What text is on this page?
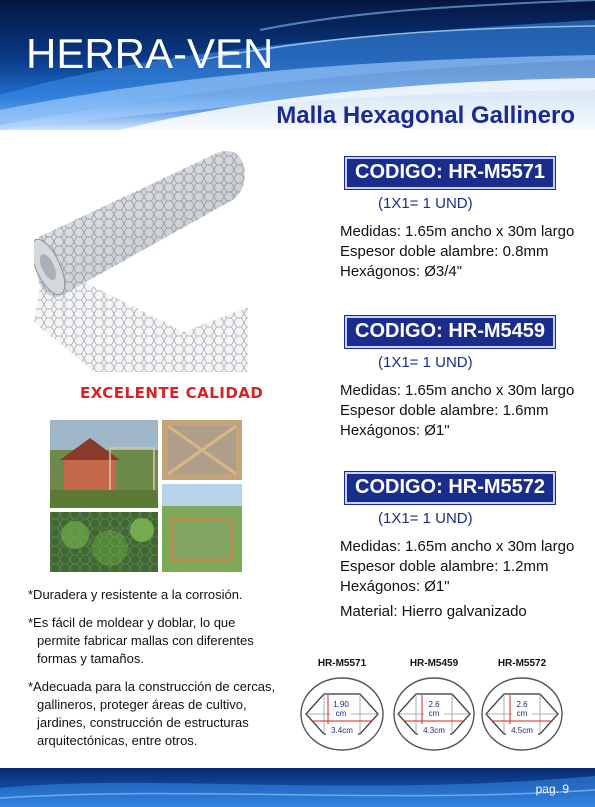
HERRA-VEN
Malla Hexagonal Gallinero
EXCELENTE CALIDAD
*Duradera y resistente a la corrosión.
*Es fácil de moldear y doblar, lo que
permite fabricar mallas con diferentes
formas y tamaños.
*Adecuada para la construcción de cercas,
gallineros, proteger áreas de cultivo,
jardines, construcción de estructuras
arquitectónicas, entre otros.
CODIGO: HR-M5571
(1X1= 1 UND)
Medidas: 1.65m ancho x 30m largo
Espesor doble alambre: 0.8mm
Hexágonos: Ø3/4"
CODIGO: HR-M5459
(1X1= 1 UND)
Medidas: 1.65m ancho x 30m largo
Espesor doble alambre: 1.6mm
Hexágonos: Ø1"
CODIGO: HR-M5572
(1X1= 1 UND)
Medidas: 1.65m ancho x 30m largo
Espesor doble alambre: 1.2mm
Hexágonos: Ø1"
Material: Hierro galvanizado
HR-M5571
1.90
cm
3.4cm
HR-M5459
2.6
cm
4.3cm
HR-M5572
2.6
cm
4.5cm
pag. 9
